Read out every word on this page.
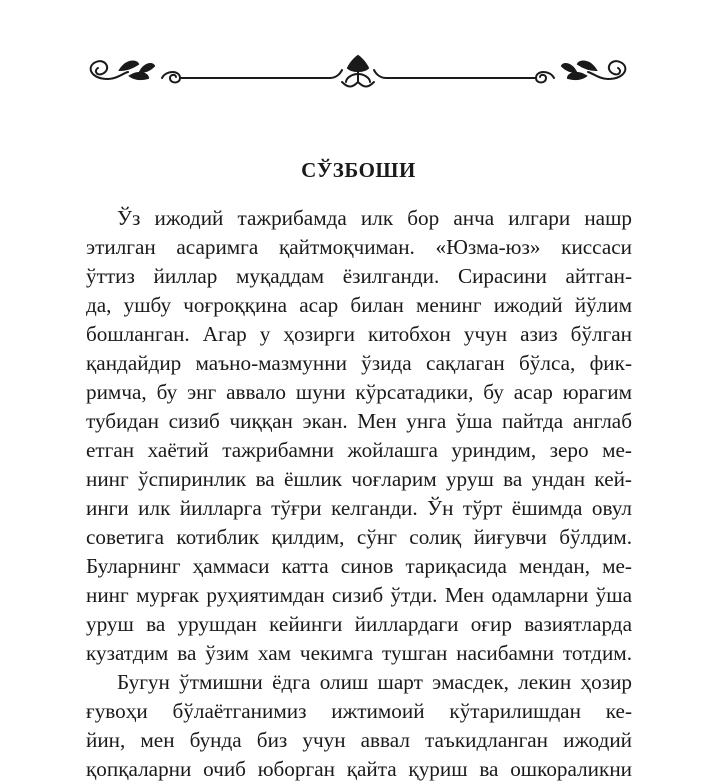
СЎЗБОШИ
Ўз ижодий тажрибамда илк бор анча илгари нашр
этилган асаримга қайтмоқчиман. «Юзма-юз» киссаси
ўттиз йиллар муқаддам ёзилганди. Сирасини айтган-
да, ушбу чоғроққина асар билан менинг ижодий йўлим
бошланган. Агар у ҳозирги китобхон учун азиз бўлган
қандайдир маъно-мазмунни ўзида сақлаган бўлса, фик-
римча, бу энг аввало шуни кўрсатадики, бу асар юрагим
тубидан сизиб чиққан экан. Мен унга ўша пайтда англаб
етган хаётий тажрибамни жойлашга уриндим, зеро ме-
нинг ўспиринлик ва ёшлик чоғларим уруш ва ундан кей-
инги илк йилларга тўғри келганди. Ўн тўрт ёшимда овул
советига котиблик қилдим, сўнг солиқ йиғувчи бўлдим.
Буларнинг ҳаммаси катта синов тариқасида мендан, ме-
нинг мурғак руҳиятимдан сизиб ўтди. Мен одамларни ўша
уруш ва урушдан кейинги йиллардаги оғир вазиятларда
кузатдим ва ўзим хам чекимга тушган насибамни тотдим.
Бугун ўтмишни ёдга олиш шарт эмасдек, лекин ҳозир
ғувоҳи бўлаётганимиз ижтимоий кўтарилишдан ке-
йин, мен бунда биз учун аввал таъкидланган ижодий
қопқаларни очиб юборган қайта қуриш ва ошкораликни
